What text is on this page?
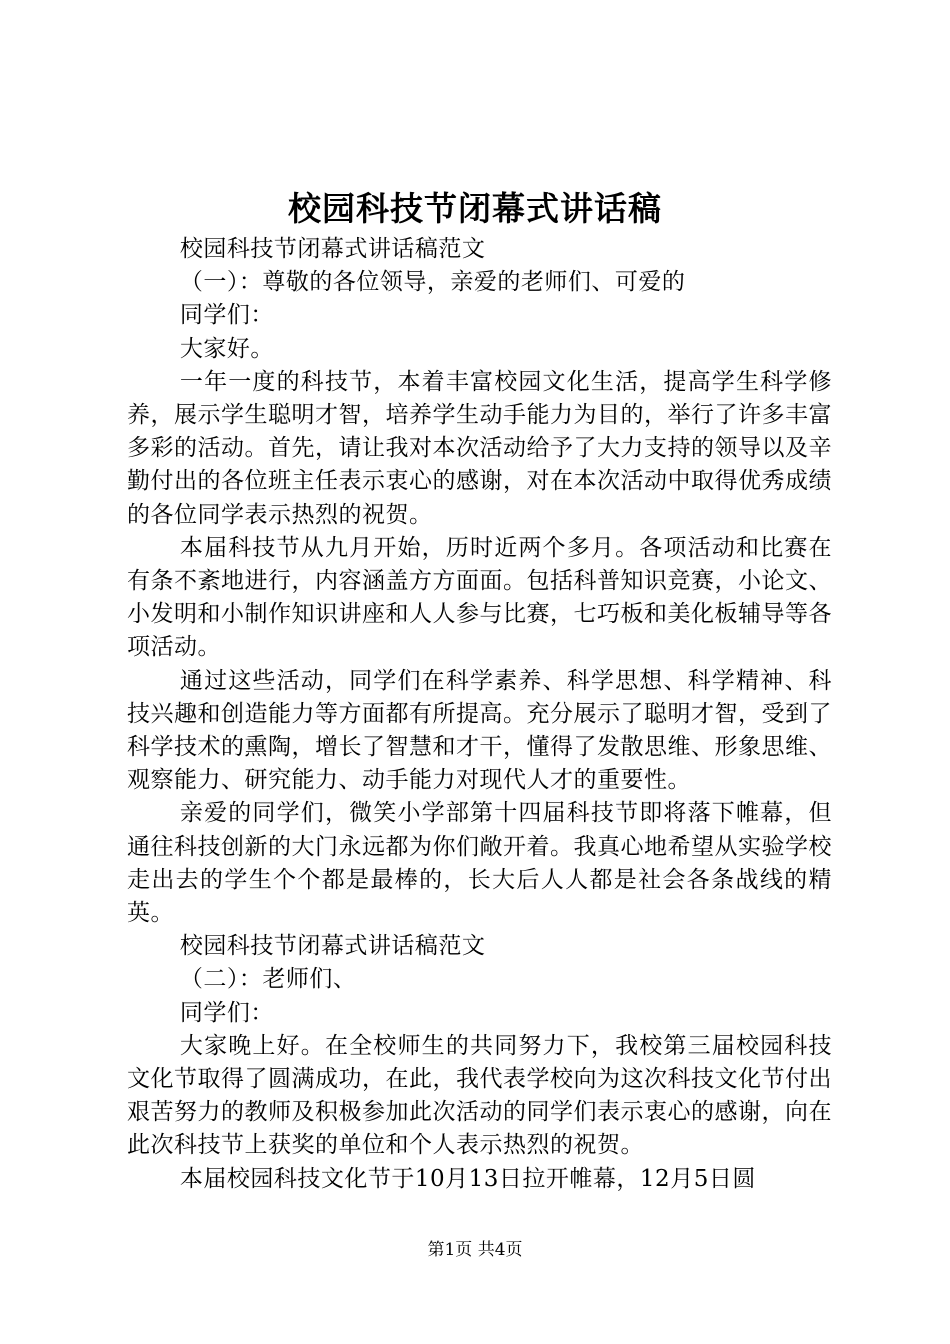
校园科技节闭幕式讲话稿

校园科技节闭幕式讲话稿范文

（一）：尊敬的各位领导，亲爱的老师们、可爱的

同学们：

大家好。

一年一度的科技节，本着丰富校园文化生活，提高学生科学修养，展示学生聪明才智，培养学生动手能力为目的，举行了许多丰富多彩的活动。首先，请让我对本次活动给予了大力支持的领导以及辛勤付出的各位班主任表示衷心的感谢，对在本次活动中取得优秀成绩的各位同学表示热烈的祝贺。

本届科技节从九月开始，历时近两个多月。各项活动和比赛在有条不紊地进行，内容涵盖方方面面。包括科普知识竞赛，小论文、小发明和小制作知识讲座和人人参与比赛，七巧板和美化板辅导等各项活动。

通过这些活动，同学们在科学素养、科学思想、科学精神、科技兴趣和创造能力等方面都有所提高。充分展示了聪明才智，受到了科学技术的熏陶，增长了智慧和才干，懂得了发散思维、形象思维、观察能力、研究能力、动手能力对现代人才的重要性。

亲爱的同学们，微笑小学部第十四届科技节即将落下帷幕，但通往科技创新的大门永远都为你们敞开着。我真心地希望从实验学校走出去的学生个个都是最棒的，长大后人人都是社会各条战线的精英。

校园科技节闭幕式讲话稿范文

（二）：老师们、

同学们：

大家晚上好。在全校师生的共同努力下，我校第三届校园科技文化节取得了圆满成功，在此，我代表学校向为这次科技文化节付出艰苦努力的教师及积极参加此次活动的同学们表示衷心的感谢，向在此次科技节上获奖的单位和个人表示热烈的祝贺。

本届校园科技文化节于10月13日拉开帷幕，12月5日圆

第1页 共4页
